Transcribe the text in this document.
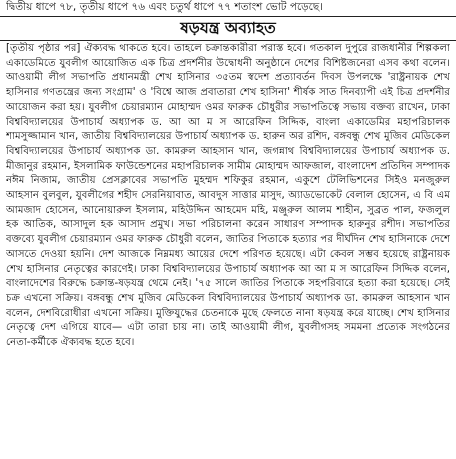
দ্বিতীয় ধাপে ৭৮, তৃতীয় ধাপে ৭৬ এবং চতুর্থ ধাপে ৭৭ শতাংশ ভোট পড়েছে।
ষড়যন্ত্র অব্যাহত
[তৃতীয় পৃষ্ঠার পর] ঐক্যবদ্ধ থাকতে হবে। তাহলে চক্রান্তকারীরা পরাস্ত হবে। গতকাল দুপুরে রাজধানীর শিল্পকলা একাডেমিতে যুবলীগ আয়োজিত এক চিত্র প্রদর্শনীর উদ্বোধনী অনুষ্ঠানে দেশের বিশিষ্টজনেরা এসব কথা বলেন। আওয়ামী লীগ সভাপতি প্রধানমন্ত্রী শেখ হাসিনার ৩৫তম স্বদেশ প্রত্যাবর্তন দিবস উপলক্ষে 'রাষ্ট্রনায়ক শেখ হাসিনার গণতন্ত্রের জন্য সংগ্রাম' ও 'বিশ্বে আজ প্রবাতারা শেখ হাসিনা' শীর্ষক সাত দিনব্যাপী এই চিত্র প্রদর্শনীর আয়োজন করা হয়। যুবলীগ চেয়ারম্যান মোহাম্মদ ওমর ফারুক চৌধুরীর সভাপতিত্বে সভায় বক্তব্য রাখেন, ঢাকা বিশ্ববিদ্যালয়ের উপাচার্য অধ্যাপক ড. আ আ ম স আরেফিন সিদ্দিক, বাংলা একাডেমির মহাপরিচালক শামসুজ্জামান খান, জাতীয় বিশ্ববিদ্যালয়ের উপাচার্য অধ্যাপক ড. হারুন অর রশিদ, বঙ্গবন্ধু শেখ মুজিব মেডিকেল বিশ্ববিদ্যালয়ের উপাচার্য অধ্যাপক ডা. কামরুল আহসান খান, জগন্নাথ বিশ্ববিদ্যালয়ের উপাচার্য অধ্যাপক ড. মীজানুর রহমান, ইসলামিক ফাউন্ডেশনের মহাপরিচালক সামীম মোহাম্মদ আফজাল, বাংলাদেশ প্রতিদিন সম্পাদক নঈম নিজাম, জাতীয় প্রেসক্লাবের সভাপতি মুহম্মদ শফিকুর রহমান, একুশে টেলিভিশনের সিইও মনজুরুল আহসান বুলবুল, যুবলীগের শহীদ সেরনিয়াবাত, আবদুস সাত্তার মাসুদ, অ্যাডভোকেট বেলাল হোসেন, এ বি এম আমজাদ হোসেন, আনোয়ারুল ইসলাম, মহিউদ্দিন আহমেদ মহি, মঞ্জুরুল আলম শাহীন, সুব্রত পাল, ফজলুল হক আতিক, আসাদুল হক আসাদ প্রমুখ। সভা পরিচালনা করেন সাধারণ সম্পাদক হারুনুর রশীদ। সভাপতির বক্তব্যে যুবলীগ চেয়ারম্যান ওমর ফারুক চৌধুরী বলেন, জাতির পিতাকে হত্যার পর দীর্ঘদিন শেখ হাসিনাকে দেশে আসতে দেওয়া হয়নি। দেশ আজকে নিম্নমধ্য আয়ের দেশে পরিণত হয়েছে। এটা কেবল সম্ভব হয়েছে রাষ্ট্রনায়ক শেখ হাসিনার নেতৃত্বের কারণেই। ঢাকা বিশ্ববিদ্যালয়ের উপাচার্য অধ্যাপক আ আ ম স আরেফিন সিদ্দিক বলেন, বাংলাদেশের বিরুদ্ধে চক্রান্ত-ষড়যন্ত্র থেমে নেই। '৭৫ সালে জাতির পিতাকে সহপরিবারে হত্যা করা হয়েছে। সেই চক্র এখনো সক্রিয়। বঙ্গবন্ধু শেখ মুজিব মেডিকেল বিশ্ববিদ্যালয়ের উপাচার্য অধ্যাপক ডা. কামরুল আহসান খান বলেন, দেশবিরোধীরা এখনো সক্রিয়। মুক্তিযুদ্ধের চেতনাকে মুছে ফেলতে নানা ষড়যন্ত্র করে যাচ্ছে। শেখ হাসিনার নেতৃত্বে দেশ এগিয়ে যাবে— এটা তারা চায় না। তাই আওয়ামী লীগ, যুবলীগসহ সমমনা প্রত্যেক সংগঠনের নেতা-কর্মীকে ঐক্যবদ্ধ হতে হবে।
